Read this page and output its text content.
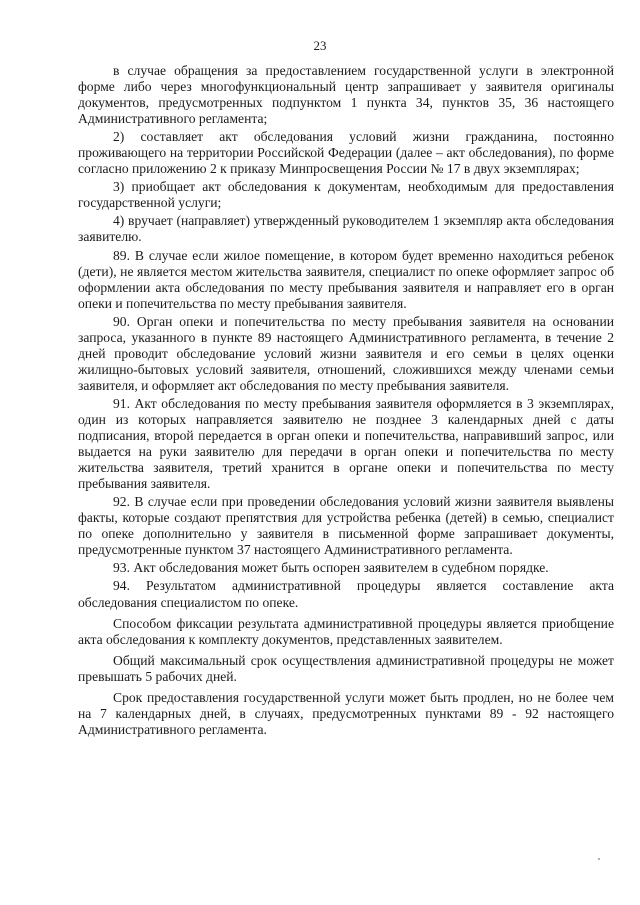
23

в случае обращения за предоставлением государственной услуги в электронной форме либо через многофункциональный центр запрашивает у заявителя оригиналы документов, предусмотренных подпунктом 1 пункта 34, пунктов 35, 36 настоящего Административного регламента;

2) составляет акт обследования условий жизни гражданина, постоянно проживающего на территории Российской Федерации (далее – акт обследования), по форме согласно приложению 2 к приказу Минпросвещения России № 17 в двух экземплярах;

3) приобщает акт обследования к документам, необходимым для предоставления государственной услуги;

4) вручает (направляет) утвержденный руководителем 1 экземпляр акта обследования заявителю.

89. В случае если жилое помещение, в котором будет временно находиться ребенок (дети), не является местом жительства заявителя, специалист по опеке оформляет запрос об оформлении акта обследования по месту пребывания заявителя и направляет его в орган опеки и попечительства по месту пребывания заявителя.

90. Орган опеки и попечительства по месту пребывания заявителя на основании запроса, указанного в пункте 89 настоящего Административного регламента, в течение 2 дней проводит обследование условий жизни заявителя и его семьи в целях оценки жилищно-бытовых условий заявителя, отношений, сложившихся между членами семьи заявителя, и оформляет акт обследования по месту пребывания заявителя.

91. Акт обследования по месту пребывания заявителя оформляется в 3 экземплярах, один из которых направляется заявителю не позднее 3 календарных дней с даты подписания, второй передается в орган опеки и попечительства, направивший запрос, или выдается на руки заявителю для передачи в орган опеки и попечительства по месту жительства заявителя, третий хранится в органе опеки и попечительства по месту пребывания заявителя.

92. В случае если при проведении обследования условий жизни заявителя выявлены факты, которые создают препятствия для устройства ребенка (детей) в семью, специалист по опеке дополнительно у заявителя в письменной форме запрашивает документы, предусмотренные пунктом 37 настоящего Административного регламента.

93. Акт обследования может быть оспорен заявителем в судебном порядке.

94. Результатом административной процедуры является составление акта обследования специалистом по опеке.

Способом фиксации результата административной процедуры является приобщение акта обследования к комплекту документов, представленных заявителем.

Общий максимальный срок осуществления административной процедуры не может превышать 5 рабочих дней.

Срок предоставления государственной услуги может быть продлен, но не более чем на 7 календарных дней, в случаях, предусмотренных пунктами 89 - 92 настоящего Административного регламента.
